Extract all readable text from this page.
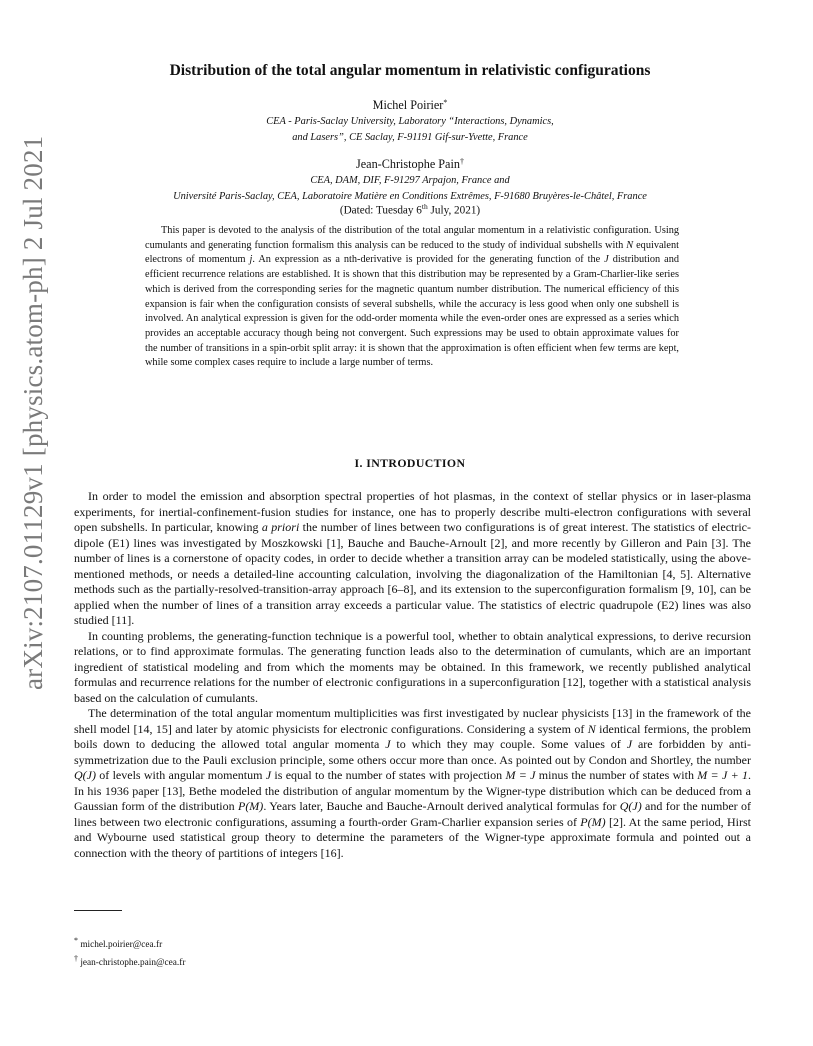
arXiv:2107.01129v1 [physics.atom-ph] 2 Jul 2021
Distribution of the total angular momentum in relativistic configurations
Michel Poirier*
CEA - Paris-Saclay University, Laboratory “Interactions, Dynamics,
and Lasers”, CE Saclay, F-91191 Gif-sur-Yvette, France
Jean-Christophe Pain†
CEA, DAM, DIF, F-91297 Arpajon, France and
Université Paris-Saclay, CEA, Laboratoire Matière en Conditions Extrêmes, F-91680 Bruyères-le-Châtel, France
(Dated: Tuesday 6th July, 2021)
This paper is devoted to the analysis of the distribution of the total angular momentum in a relativistic configuration. Using cumulants and generating function formalism this analysis can be reduced to the study of individual subshells with N equivalent electrons of momentum j. An expression as a nth-derivative is provided for the generating function of the J distribution and efficient recurrence relations are established. It is shown that this distribution may be represented by a Gram-Charlier-like series which is derived from the corresponding series for the magnetic quantum number distribution. The numerical efficiency of this expansion is fair when the configuration consists of several subshells, while the accuracy is less good when only one subshell is involved. An analytical expression is given for the odd-order momenta while the even-order ones are expressed as a series which provides an acceptable accuracy though being not convergent. Such expressions may be used to obtain approximate values for the number of transitions in a spin-orbit split array: it is shown that the approximation is often efficient when few terms are kept, while some complex cases require to include a large number of terms.
I. INTRODUCTION

In order to model the emission and absorption spectral properties of hot plasmas, in the context of stellar physics or in laser-plasma experiments, for inertial-confinement-fusion studies for instance, one has to properly describe multi-electron configurations with several open subshells. In particular, knowing a priori the number of lines between two configurations is of great interest. The statistics of electric-dipole (E1) lines was investigated by Moszkowski [1], Bauche and Bauche-Arnoult [2], and more recently by Gilleron and Pain [3]. The number of lines is a cornerstone of opacity codes, in order to decide whether a transition array can be modeled statistically, using the above-mentioned methods, or needs a detailed-line accounting calculation, involving the diagonalization of the Hamiltonian [4, 5]. Alternative methods such as the partially-resolved-transition-array approach [6–8], and its extension to the superconfiguration formalism [9, 10], can be applied when the number of lines of a transition array exceeds a particular value. The statistics of electric quadrupole (E2) lines was also studied [11].

In counting problems, the generating-function technique is a powerful tool, whether to obtain analytical expressions, to derive recursion relations, or to find approximate formulas. The generating function leads also to the determination of cumulants, which are an important ingredient of statistical modeling and from which the moments may be obtained. In this framework, we recently published analytical formulas and recurrence relations for the number of electronic configurations in a superconfiguration [12], together with a statistical analysis based on the calculation of cumulants.

The determination of the total angular momentum multiplicities was first investigated by nuclear physicists [13] in the framework of the shell model [14, 15] and later by atomic physicists for electronic configurations. Considering a system of N identical fermions, the problem boils down to deducing the allowed total angular momenta J to which they may couple. Some values of J are forbidden by anti-symmetrization due to the Pauli exclusion principle, some others occur more than once. As pointed out by Condon and Shortley, the number Q(J) of levels with angular momentum J is equal to the number of states with projection M = J minus the number of states with M = J + 1. In his 1936 paper [13], Bethe modeled the distribution of angular momentum by the Wigner-type distribution which can be deduced from a Gaussian form of the distribution P(M). Years later, Bauche and Bauche-Arnoult derived analytical formulas for Q(J) and for the number of lines between two electronic configurations, assuming a fourth-order Gram-Charlier expansion series of P(M) [2]. At the same period, Hirst and Wybourne used statistical group theory to determine the parameters of the Wigner-type approximate formula and pointed out a connection with the theory of partitions of integers [16].

* michel.poirier@cea.fr
† jean-christophe.pain@cea.fr
